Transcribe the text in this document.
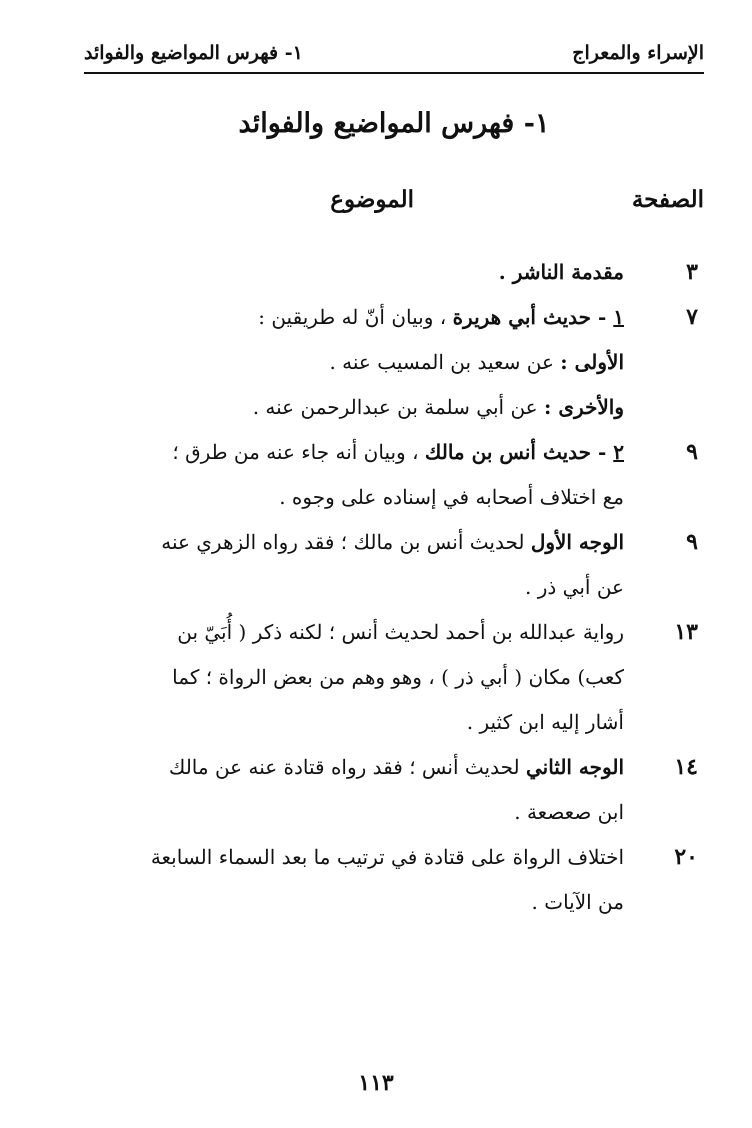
الإسراء والمعراج
١- فهرس المواضيع والفوائد
١- فهرس المواضيع والفوائد
الصفحة
الموضوع
٣

مقدمة الناشر .

٧

١ - حديث أبي هريرة ، وبيان أنّ له طريقين :

الأولى : عن سعيد بن المسيب عنه .

والأخرى : عن أبي سلمة بن عبدالرحمن عنه .

٩

٢ - حديث أنس بن مالك ، وبيان أنه جاء عنه من طرق ؛

مع اختلاف أصحابه في إسناده على وجوه .

٩

الوجه الأول لحديث أنس بن مالك ؛ فقد رواه الزهري عنه

عن أبي ذر .

١٣

رواية عبدالله بن أحمد لحديث أنس ؛ لكنه ذكر ( أُبَيّ بن

كعب) مكان ( أبي ذر ) ، وهو وهم من بعض الرواة ؛ كما

أشار إليه ابن كثير .

١٤

الوجه الثاني لحديث أنس ؛ فقد رواه قتادة عنه عن مالك

ابن صعصعة .

٢٠

اختلاف الرواة على قتادة في ترتيب ما بعد السماء السابعة

من الآيات .

١١٣
